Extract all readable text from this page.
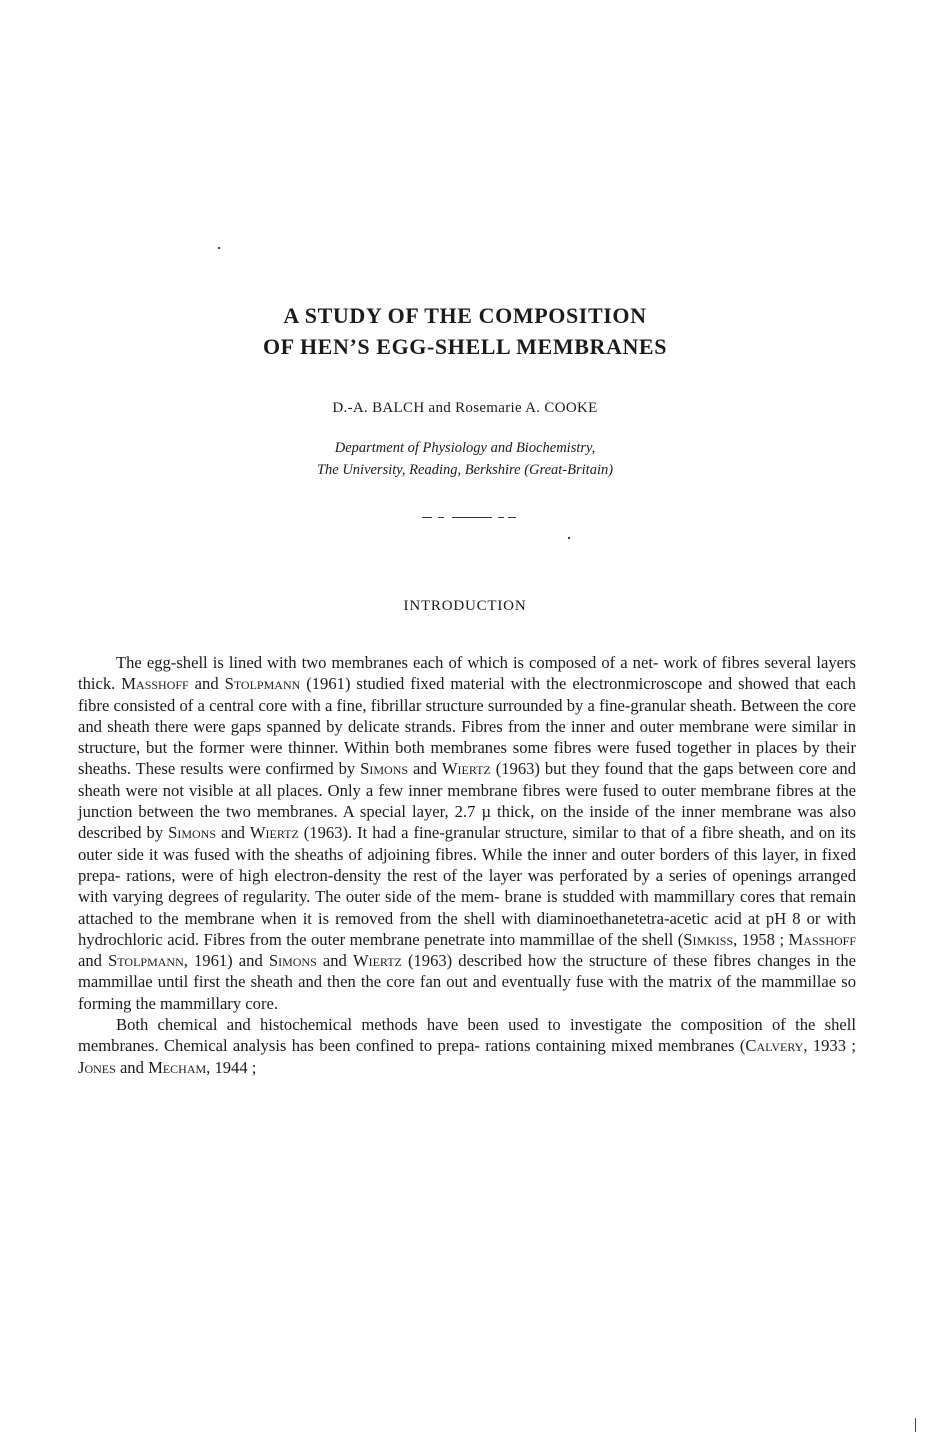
A STUDY OF THE COMPOSITION

OF HEN’S EGG-SHELL MEMBRANES

D.-A. BALCH and Rosemarie A. COOKE
Department of Physiology and Biochemistry,
The University, Reading, Berkshire (Great-Britain)
INTRODUCTION

The egg-shell is lined with two membranes each of which is composed of a net- work of fibres several layers thick. Masshoff and Stolpmann (1961) studied fixed material with the electronmicroscope and showed that each fibre consisted of a central core with a fine, fibrillar structure surrounded by a fine-granular sheath. Between the core and sheath there were gaps spanned by delicate strands. Fibres from the inner and outer membrane were similar in structure, but the former were thinner. Within both membranes some fibres were fused together in places by their sheaths. These results were confirmed by Simons and Wiertz (1963) but they found that the gaps between core and sheath were not visible at all places. Only a few inner membrane fibres were fused to outer membrane fibres at the junction between the two membranes. A special layer, 2.7 µ thick, on the inside of the inner membrane was also described by Simons and Wiertz (1963). It had a fine-granular structure, similar to that of a fibre sheath, and on its outer side it was fused with the sheaths of adjoining fibres. While the inner and outer borders of this layer, in fixed prepa- rations, were of high electron-density the rest of the layer was perforated by a series of openings arranged with varying degrees of regularity. The outer side of the mem- brane is studded with mammillary cores that remain attached to the membrane when it is removed from the shell with diaminoethanetetra-acetic acid at pH 8 or with hydrochloric acid. Fibres from the outer membrane penetrate into mammillae of the shell (Simkiss, 1958 ; Masshoff and Stolpmann, 1961) and Simons and Wiertz (1963) described how the structure of these fibres changes in the mammillae until first the sheath and then the core fan out and eventually fuse with the matrix of the mammillae so forming the mammillary core.

Both chemical and histochemical methods have been used to investigate the composition of the shell membranes. Chemical analysis has been confined to prepa- rations containing mixed membranes (Calvery, 1933 ; Jones and Mecham, 1944 ;
